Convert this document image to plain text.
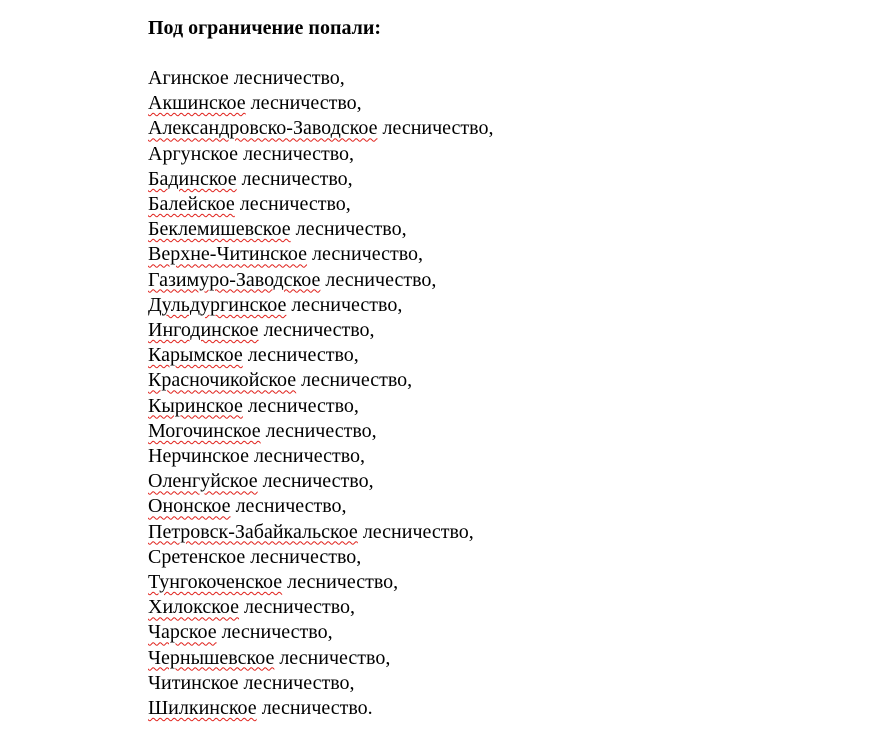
Под ограничение попали:

Агинское лесничество,
Акшинское лесничество,
Александровско-Заводское лесничество,
Аргунское лесничество,
Бадинское лесничество,
Балейское лесничество,
Беклемишевское лесничество,
Верхне-Читинское лесничество,
Газимуро-Заводское лесничество,
Дульдургинское лесничество,
Ингодинское лесничество,
Карымское лесничество,
Красночикойское лесничество,
Кыринское лесничество,
Могочинское лесничество,
Нерчинское лесничество,
Оленгуйское лесничество,
Ононское лесничество,
Петровск-Забайкальское лесничество,
Сретенское лесничество,
Тунгокоченское лесничество,
Хилокское лесничество,
Чарское лесничество,
Чернышевское лесничество,
Читинское лесничество,
Шилкинское лесничество.
